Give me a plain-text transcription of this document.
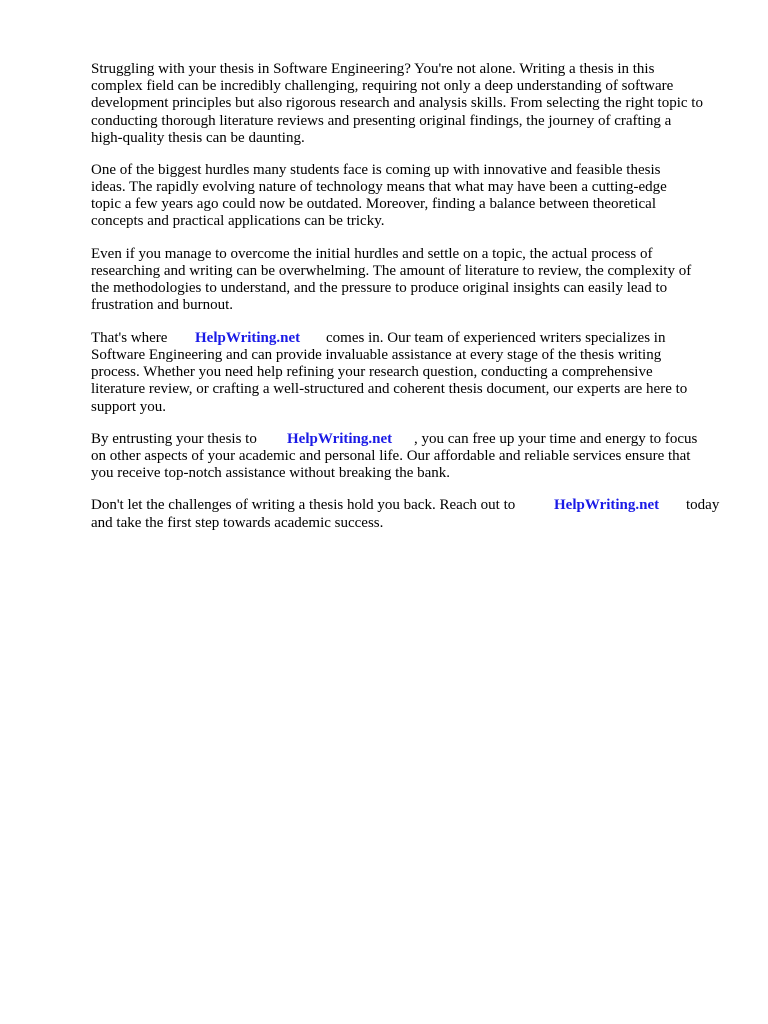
Struggling with your thesis in Software Engineering? You're not alone. Writing a thesis in this

complex field can be incredibly challenging, requiring not only a deep understanding of software

development principles but also rigorous research and analysis skills. From selecting the right topic to

conducting thorough literature reviews and presenting original findings, the journey of crafting a

high-quality thesis can be daunting.

One of the biggest hurdles many students face is coming up with innovative and feasible thesis

ideas. The rapidly evolving nature of technology means that what may have been a cutting-edge

topic a few years ago could now be outdated. Moreover, finding a balance between theoretical

concepts and practical applications can be tricky.

Even if you manage to overcome the initial hurdles and settle on a topic, the actual process of

researching and writing can be overwhelming. The amount of literature to review, the complexity of

the methodologies to understand, and the pressure to produce original insights can easily lead to

frustration and burnout.

That's where HelpWriting.net comes in. Our team of experienced writers specializes in

Software Engineering and can provide invaluable assistance at every stage of the thesis writing

process. Whether you need help refining your research question, conducting a comprehensive

literature review, or crafting a well-structured and coherent thesis document, our experts are here to

support you.

By entrusting your thesis to HelpWriting.net , you can free up your time and energy to focus

on other aspects of your academic and personal life. Our affordable and reliable services ensure that

you receive top-notch assistance without breaking the bank.

Don't let the challenges of writing a thesis hold you back. Reach out to	HelpWriting.net today

and take the first step towards academic success.
